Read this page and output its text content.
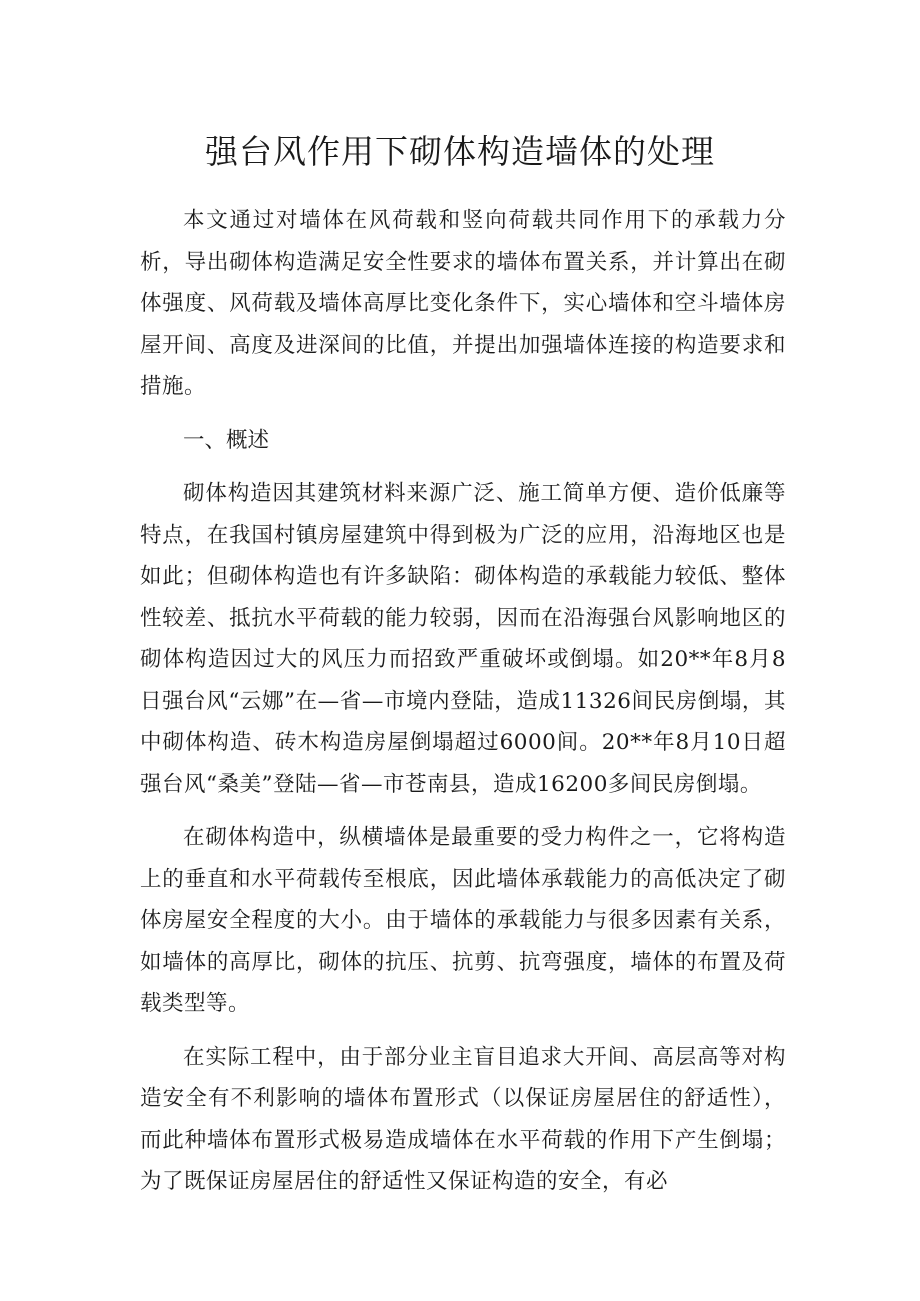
强台风作用下砌体构造墙体的处理

本文通过对墙体在风荷载和竖向荷载共同作用下的承载力分析，导出砌体构造满足安全性要求的墙体布置关系，并计算出在砌体强度、风荷载及墙体高厚比变化条件下，实心墙体和空斗墙体房屋开间、高度及进深间的比值，并提出加强墙体连接的构造要求和措施。

一、概述

砌体构造因其建筑材料来源广泛、施工简单方便、造价低廉等特点，在我国村镇房屋建筑中得到极为广泛的应用，沿海地区也是如此；但砌体构造也有许多缺陷：砌体构造的承载能力较低、整体性较差、抵抗水平荷载的能力较弱，因而在沿海强台风影响地区的砌体构造因过大的风压力而招致严重破坏或倒塌。如20**年8月8日强台风“云娜”在—省—市境内登陆，造成11326间民房倒塌，其中砌体构造、砖木构造房屋倒塌超过6000间。20**年8月10日超强台风“桑美”登陆—省—市苍南县，造成16200多间民房倒塌。

在砌体构造中，纵横墙体是最重要的受力构件之一，它将构造上的垂直和水平荷载传至根底，因此墙体承载能力的高低决定了砌体房屋安全程度的大小。由于墙体的承载能力与很多因素有关系，如墙体的高厚比，砌体的抗压、抗剪、抗弯强度，墙体的布置及荷载类型等。

在实际工程中，由于部分业主盲目追求大开间、高层高等对构造安全有不利影响的墙体布置形式（以保证房屋居住的舒适性），而此种墙体布置形式极易造成墙体在水平荷载的作用下产生倒塌；为了既保证房屋居住的舒适性又保证构造的安全，有必
